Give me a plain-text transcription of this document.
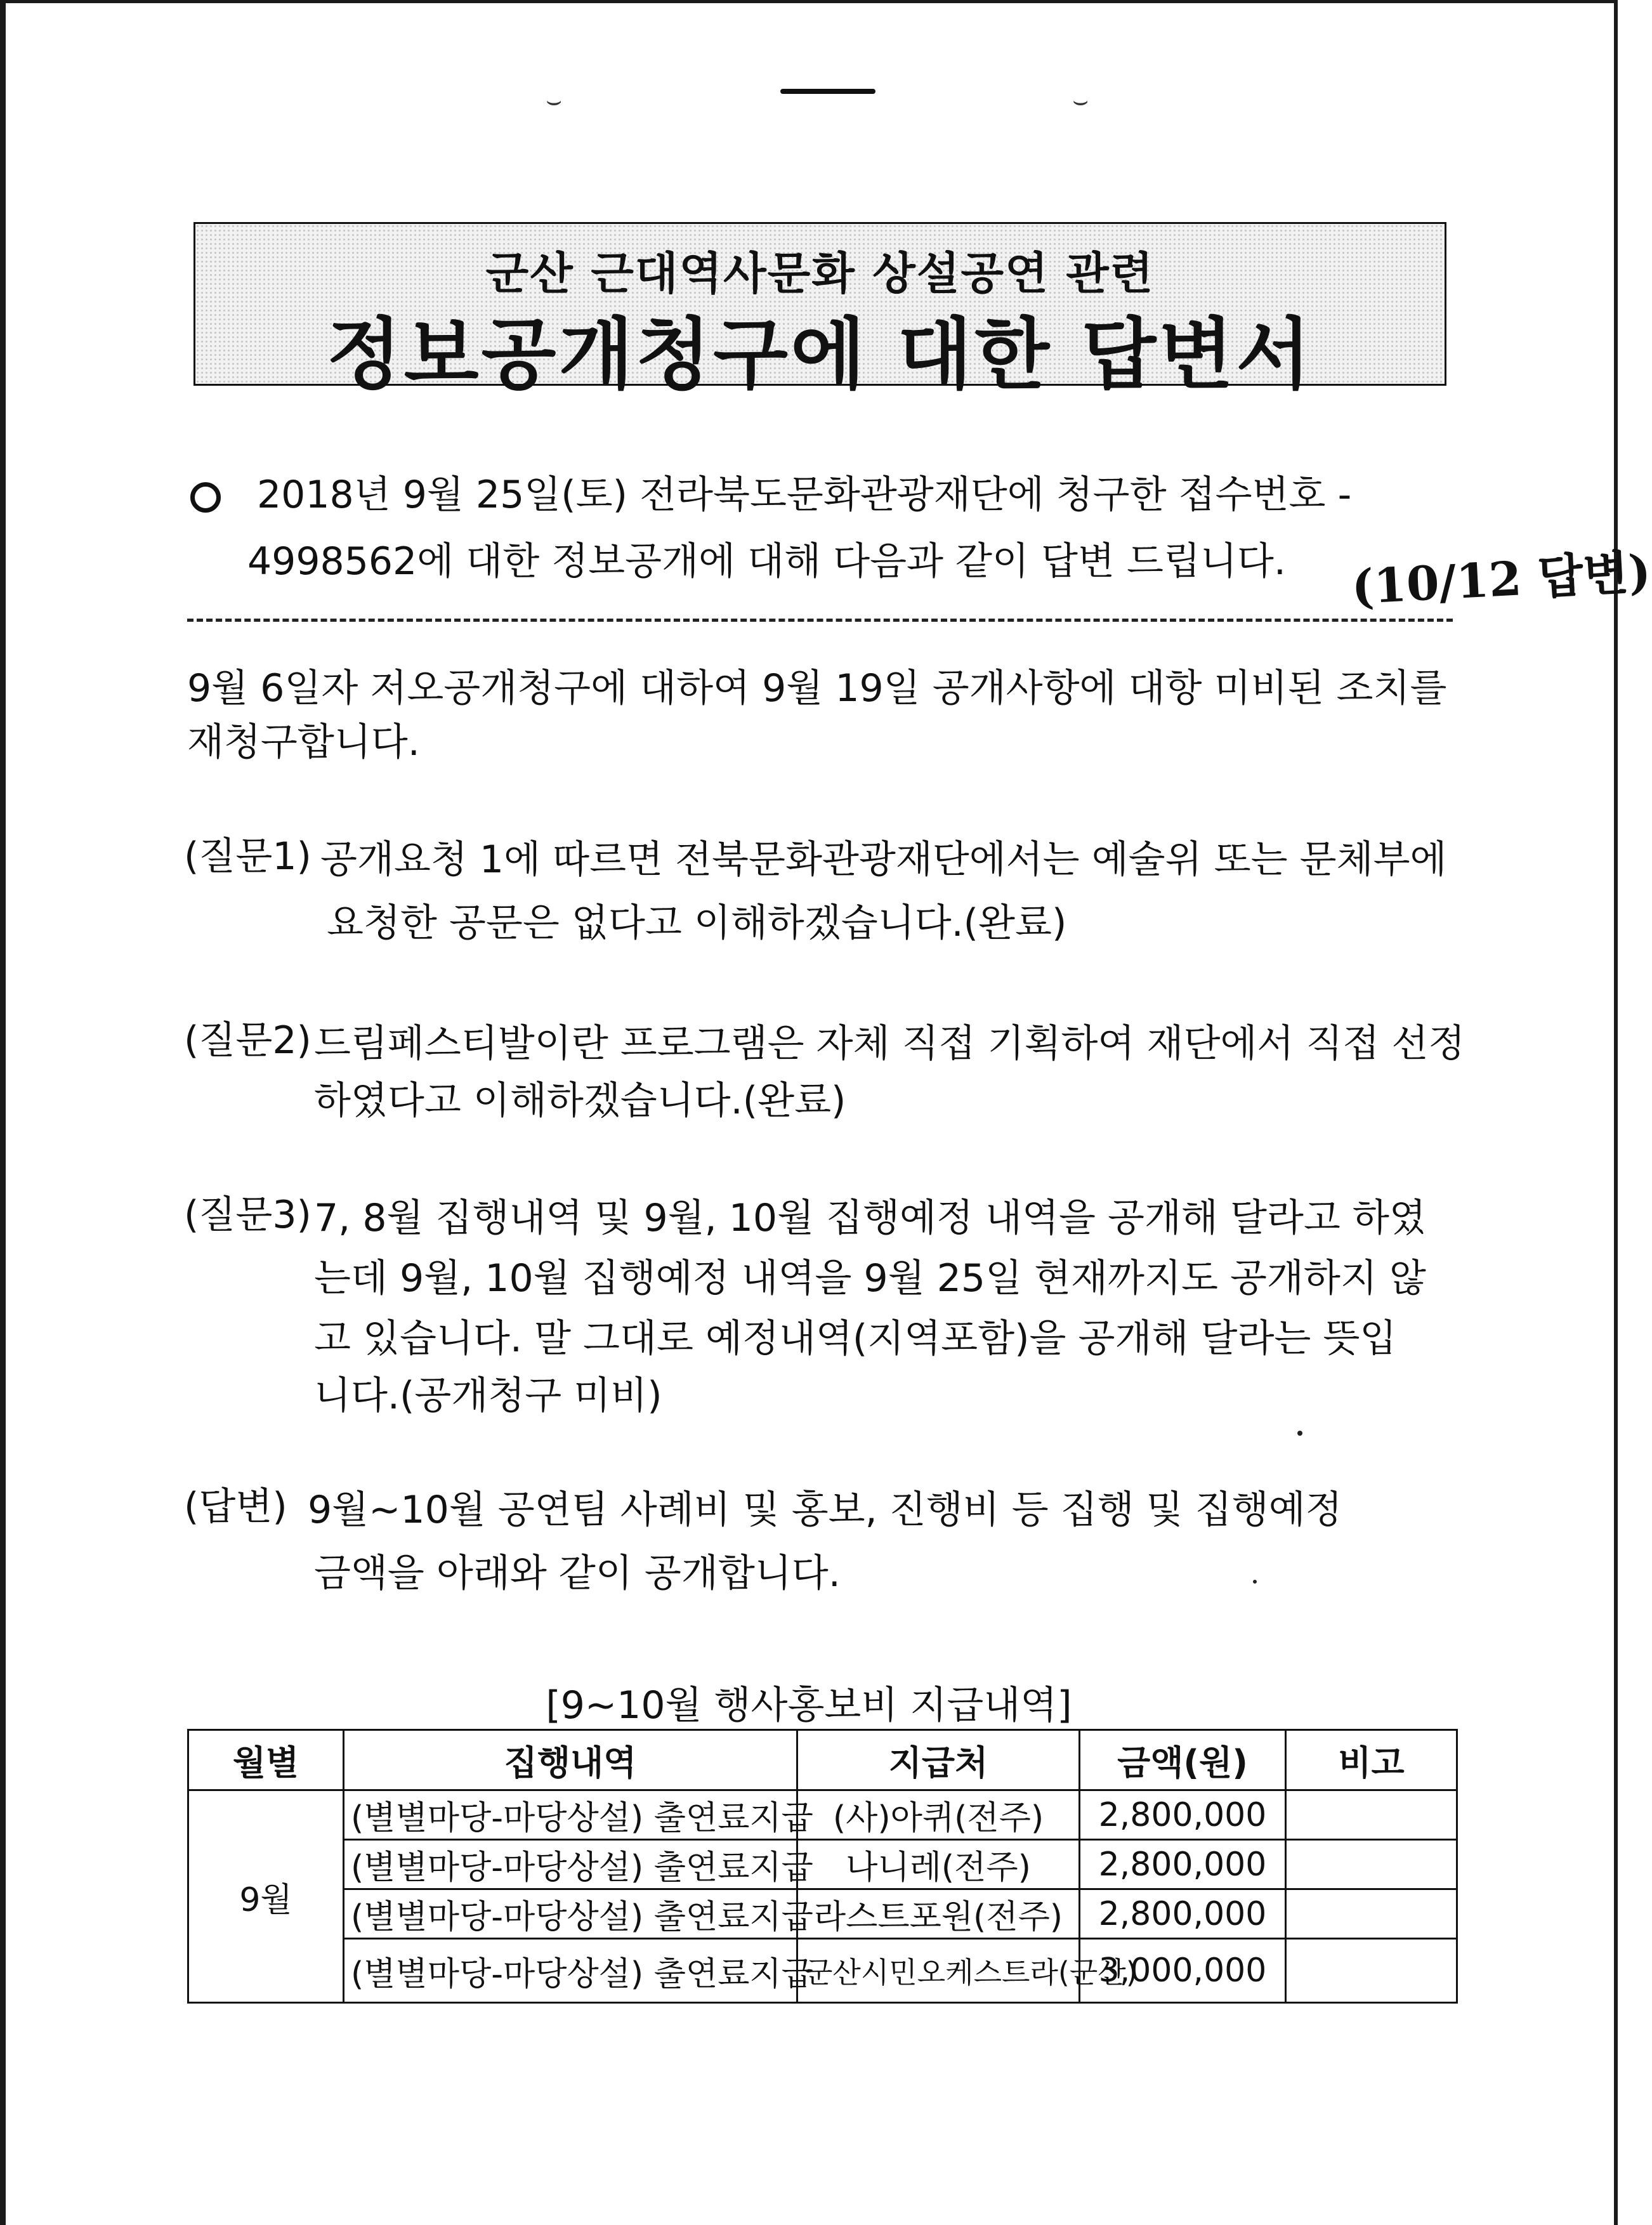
⌣	⌣
군산 근대역사문화 상설공연 관련
정보공개청구에 대한 답변서
2018년 9월 25일(토) 전라북도문화관광재단에 청구한 접수번호 -
4998562에 대한 정보공개에 대해 다음과 같이 답변 드립니다. (10/12 답변)
9월 6일자 저오공개청구에 대하여 9월 19일 공개사항에 대항 미비된 조치를
재청구합니다.
(질문1) 공개요청 1에 따르면 전북문화관광재단에서는 예술위 또는 문체부에
요청한 공문은 없다고 이해하겠습니다.(완료)
(질문2) 드림페스티발이란 프로그램은 자체 직접 기획하여 재단에서 직접 선정
하였다고 이해하겠습니다.(완료)
(질문3) 7, 8월 집행내역 및 9월, 10월 집행예정 내역을 공개해 달라고 하였
는데 9월, 10월 집행예정 내역을 9월 25일 현재까지도 공개하지 않
고 있습니다. 말 그대로 예정내역(지역포함)을 공개해 달라는 뜻입
니다.(공개청구 미비)
(답변) 9월~10월 공연팀 사례비 및 홍보, 진행비 등 집행 및 집행예정
금액을 아래와 같이 공개합니다.
[9~10월 행사홍보비 지급내역]
월별	집행내역	지급처	금액(원)	비고
9월	(별별마당-마당상설) 출연료지급	(사)아퀴(전주)	2,800,000	
	(별별마당-마당상설) 출연료지급	나니레(전주)	2,800,000	
	(별별마당-마당상설) 출연료지급	라스트포원(전주)	2,800,000	
	(별별마당-마당상설) 출연료지급	군산시민오케스트라(군산)	3,000,000	
